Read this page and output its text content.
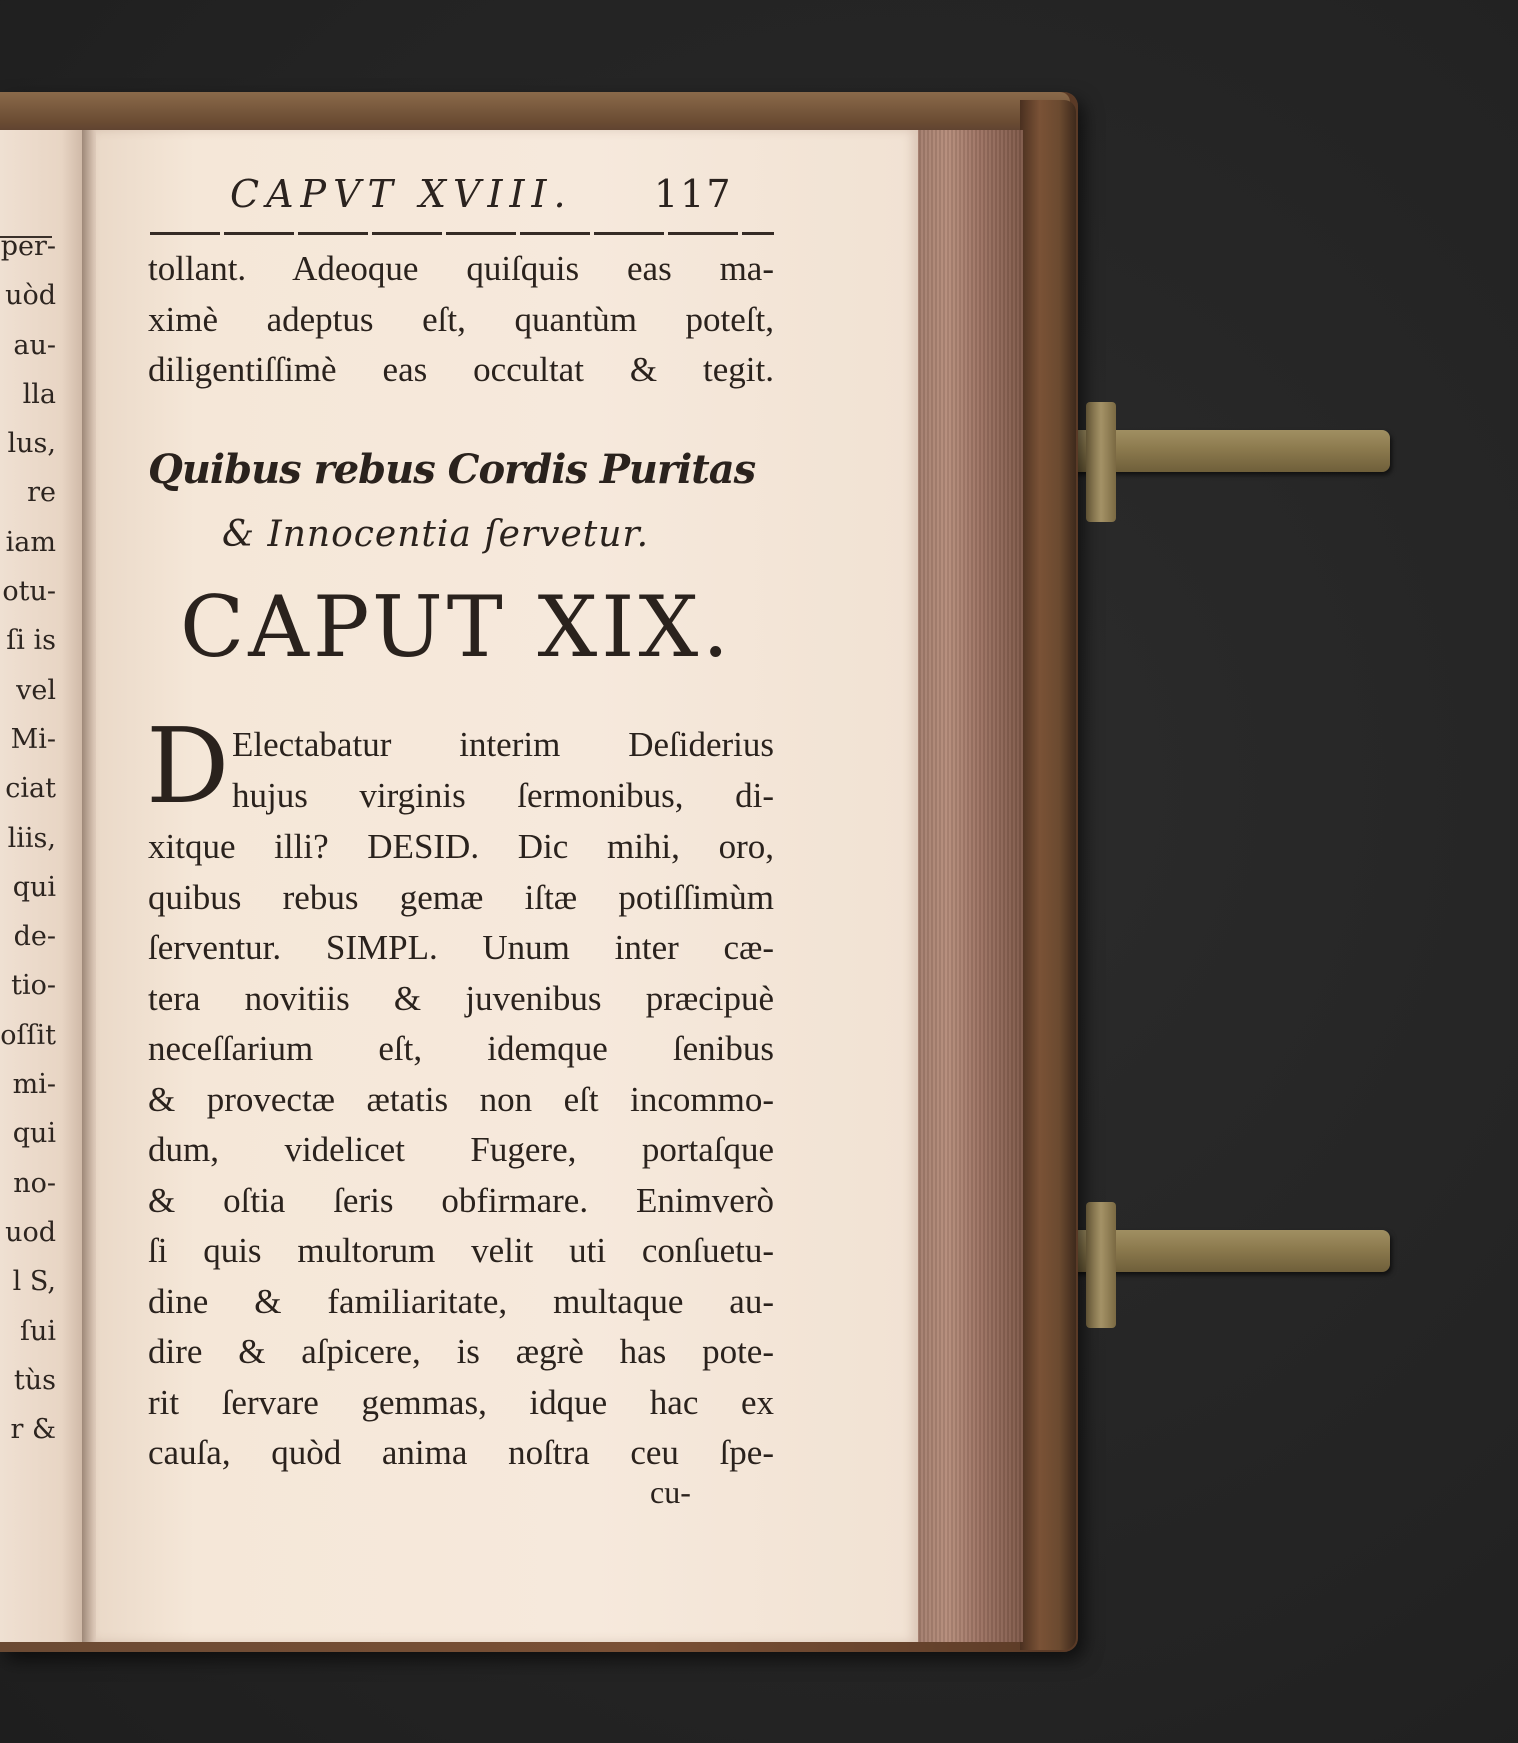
per-
uòd
au-
lla
lus,
re
iam
otu-
ſi is
vel
Mi-
ciat
liis,
qui
de-
tio-
oſſit
mi-
qui
no-
uod
l S,
ſui
tùs
r &
CAPVT XVIII. 117
tollant. Adeoque quiſquis eas ma-
ximè adeptus eſt, quantùm poteſt,
diligentiſſimè eas occultat & tegit.
Quibus rebus Cordis Puritas
& Innocentia ſervetur.
CAPUT XIX.
D Electabatur interim Deſiderius
hujus virginis ſermonibus, di-
xitque illi? DESID. Dic mihi, oro,
quibus rebus gemæ iſtæ potiſſimùm
ſerventur. SIMPL. Unum inter cæ-
tera novitiis & juvenibus præcipuè
neceſſarium eſt, idemque ſenibus
& provectæ ætatis non eſt incommo-
dum, videlicet Fugere, portaſque
& oſtia ſeris obfirmare. Enimverò
ſi quis multorum velit uti conſuetu-
dine & familiaritate, multaque au-
dire & aſpicere, is ægrè has pote-
rit ſervare gemmas, idque hac ex
cauſa, quòd anima noſtra ceu ſpe-
cu-
